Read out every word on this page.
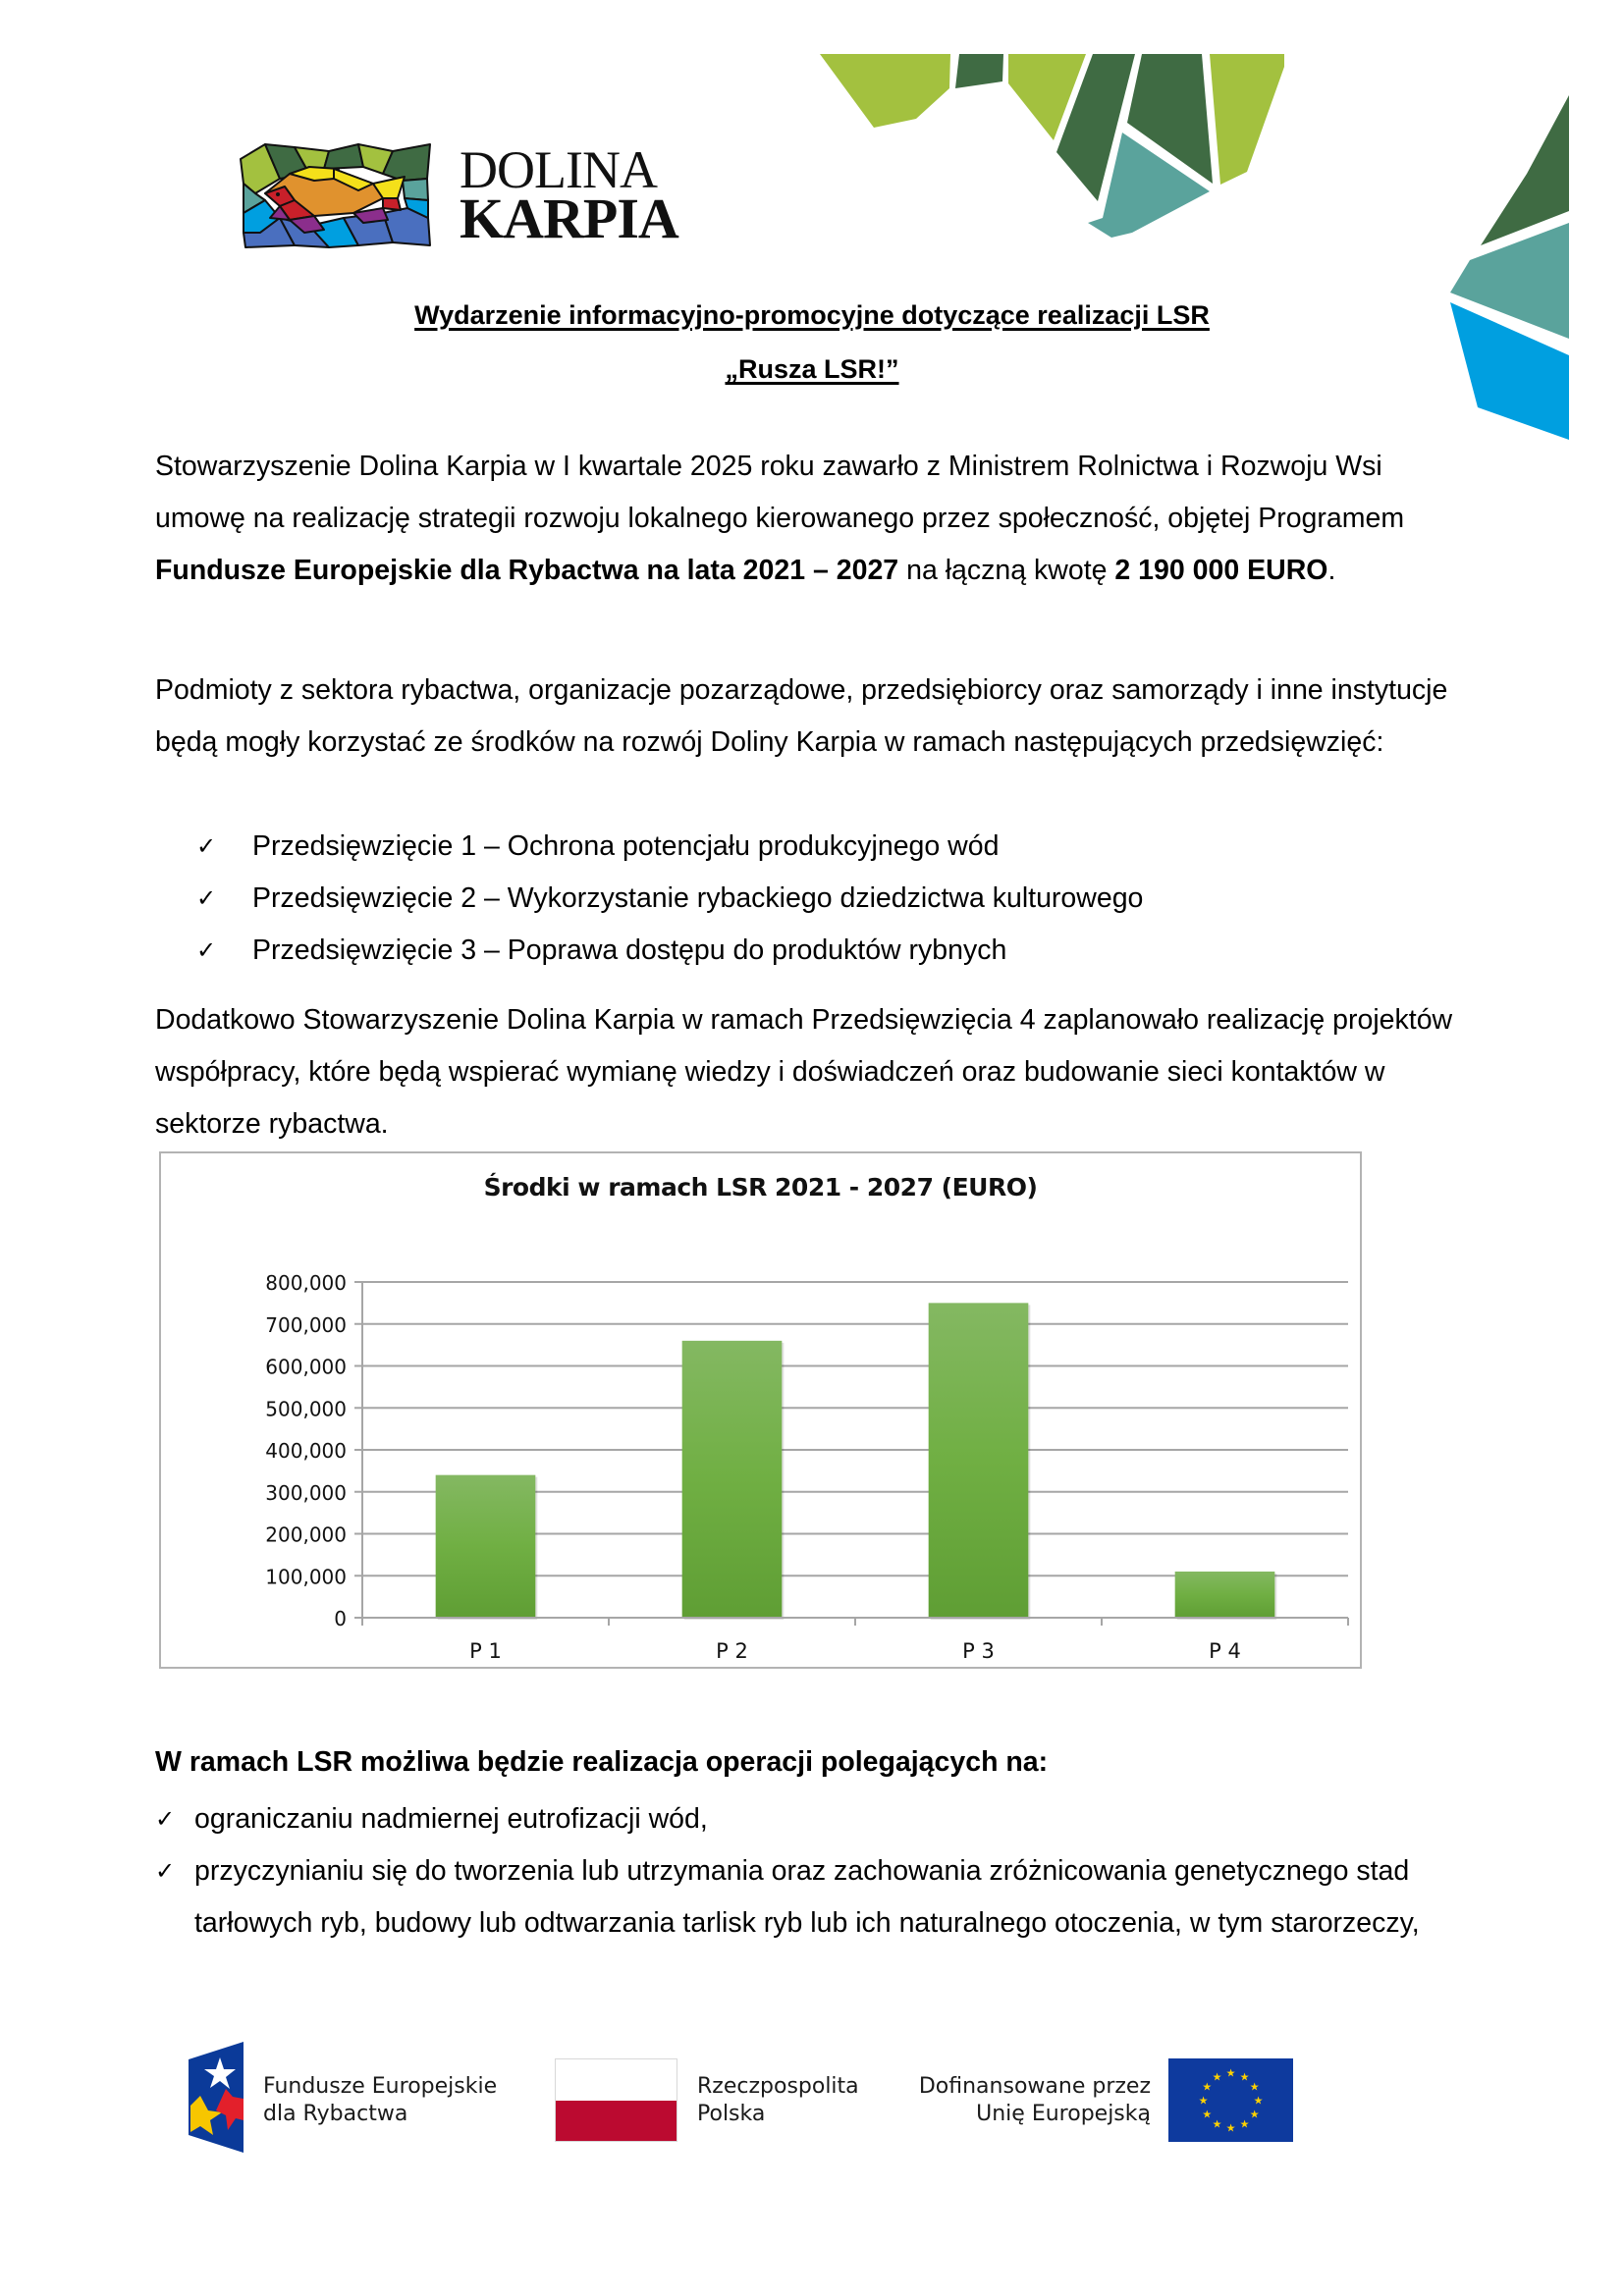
DOLINA
KARPIA
Wydarzenie informacyjno-promocyjne dotyczące realizacji LSR
„Rusza LSR!”

Stowarzyszenie Dolina Karpia w I kwartale 2025 roku zawarło z Ministrem Rolnictwa i Rozwoju Wsi umowę na realizację strategii rozwoju lokalnego kierowanego przez społeczność, objętej Programem Fundusze Europejskie dla Rybactwa na lata 2021 – 2027 na łączną kwotę 2 190 000 EURO.

Podmioty z sektora rybactwa, organizacje pozarządowe, przedsiębiorcy oraz samorządy i inne instytucje będą mogły korzystać ze środków na rozwój Doliny Karpia w ramach następujących przedsięwzięć:

✓ Przedsięwzięcie 1 – Ochrona potencjału produkcyjnego wód
✓ Przedsięwzięcie 2 – Wykorzystanie rybackiego dziedzictwa kulturowego
✓ Przedsięwzięcie 3 – Poprawa dostępu do produktów rybnych

Dodatkowo Stowarzyszenie Dolina Karpia w ramach Przedsięwzięcia 4 zaplanowało realizację projektów współpracy, które będą wspierać wymianę wiedzy i doświadczeń oraz budowanie sieci kontaktów w sektorze rybactwa.

Środki w ramach LSR 2021 - 2027 (EURO)
0
100,000
200,000
300,000
400,000
500,000
600,000
700,000
800,000
P 1	P 2	P 3	P 4
W ramach LSR możliwa będzie realizacja operacji polegających na:
✓ ograniczaniu nadmiernej eutrofizacji wód,
✓ przyczynianiu się do tworzenia lub utrzymania oraz zachowania zróżnicowania genetycznego stad tarłowych ryb, budowy lub odtwarzania tarlisk ryb lub ich naturalnego otoczenia, w tym starorzeczy,
Fundusze Europejskie
dla Rybactwa
Rzeczpospolita
Polska
Dofinansowane przez
Unię Europejską
★ ★
★
★
★
★
★
★
★
★
★
★
